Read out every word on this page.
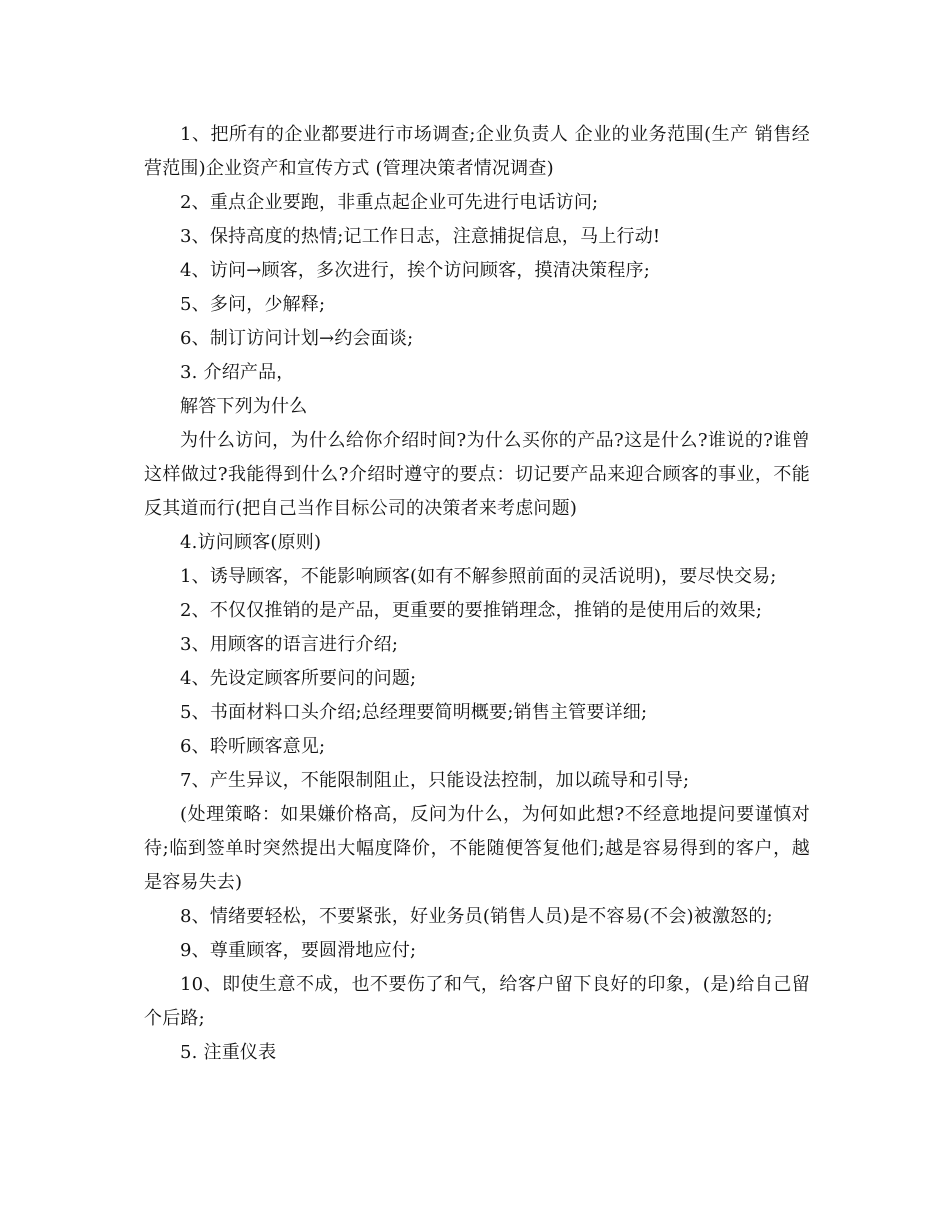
1、把所有的企业都要进行市场调查;企业负责人 企业的业务范围(生产 销售经营范围)企业资产和宣传方式 (管理决策者情况调查)

2、重点企业要跑，非重点起企业可先进行电话访问;

3、保持高度的热情;记工作日志，注意捕捉信息，马上行动!

4、访问→顾客，多次进行，挨个访问顾客，摸清决策程序;

5、多问，少解释;

6、制订访问计划→约会面谈;

3. 介绍产品，

解答下列为什么

为什么访问，为什么给你介绍时间?为什么买你的产品?这是什么?谁说的?谁曾这样做过?我能得到什么?介绍时遵守的要点：切记要产品来迎合顾客的事业，不能反其道而行(把自己当作目标公司的决策者来考虑问题)

4.访问顾客(原则)

1、诱导顾客，不能影响顾客(如有不解参照前面的灵活说明)，要尽快交易;

2、不仅仅推销的是产品，更重要的要推销理念，推销的是使用后的效果;

3、用顾客的语言进行介绍;

4、先设定顾客所要问的问题;

5、书面材料口头介绍;总经理要简明概要;销售主管要详细;

6、聆听顾客意见;

7、产生异议，不能限制阻止，只能设法控制，加以疏导和引导;

(处理策略：如果嫌价格高，反问为什么，为何如此想?不经意地提问要谨慎对待;临到签单时突然提出大幅度降价，不能随便答复他们;越是容易得到的客户，越是容易失去)

8、情绪要轻松，不要紧张，好业务员(销售人员)是不容易(不会)被激怒的;

9、尊重顾客，要圆滑地应付;

10、即使生意不成，也不要伤了和气，给客户留下良好的印象，(是)给自己留个后路;

5. 注重仪表
